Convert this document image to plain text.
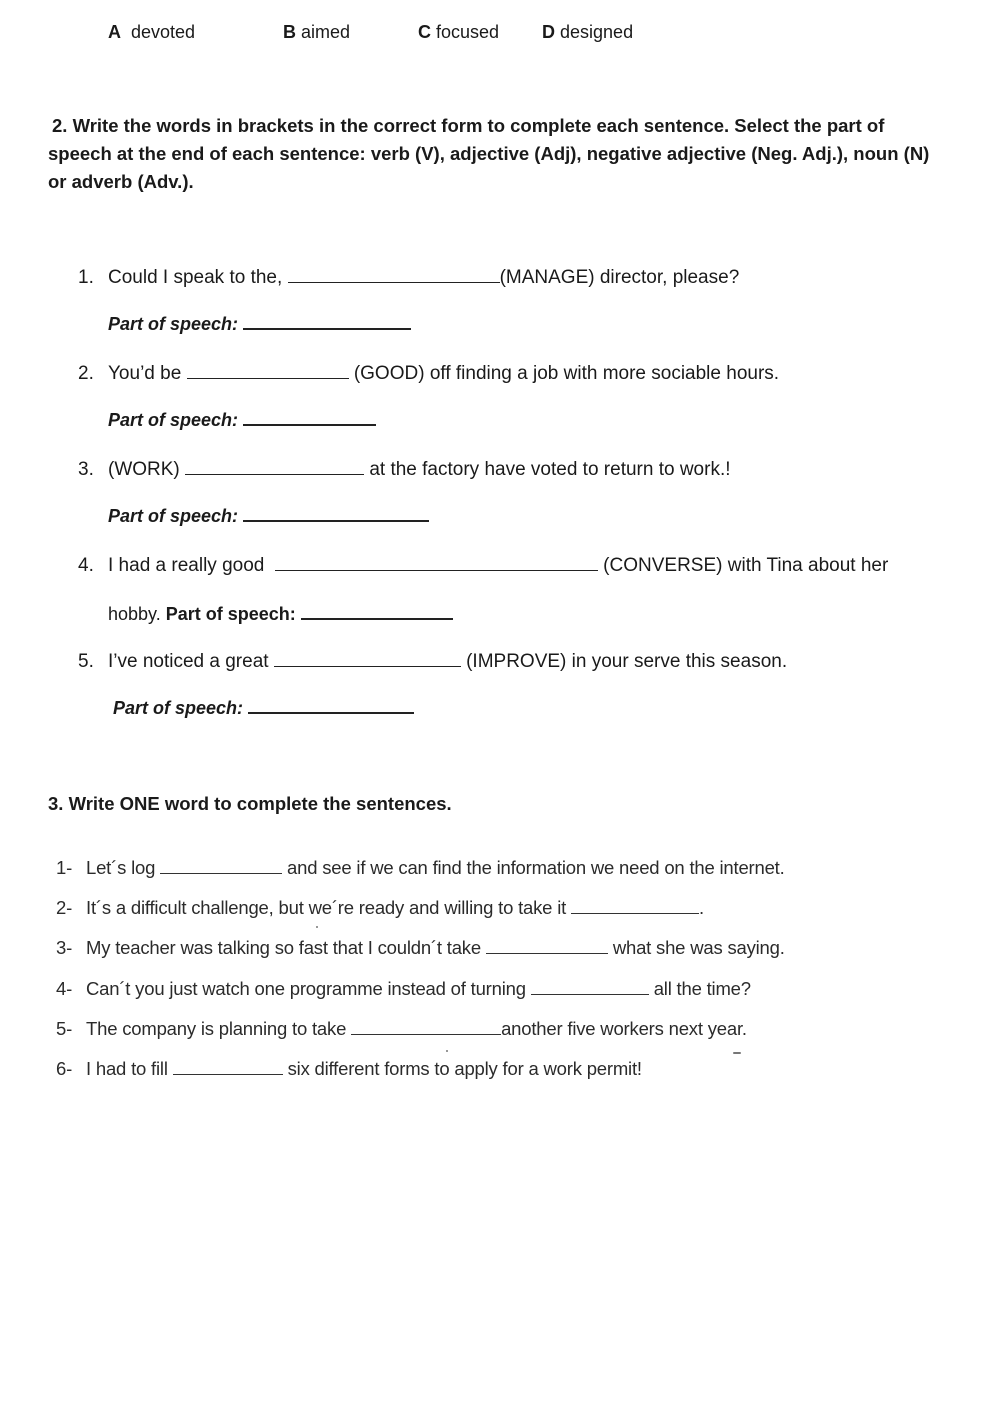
A devoted	B aimed	C focused D designed
2. Write the words in brackets in the correct form to complete each sentence. Select the part of speech at the end of each sentence: verb (V), adjective (Adj), negative adjective (Neg. Adj.), noun (N) or adverb (Adv.).
1. Could I speak to the,	(MANAGE) director, please?
Part of speech:
2. You’d be	(GOOD) off finding a job with more sociable hours.
Part of speech:
3. (WORK)	at the factory have voted to return to work.!
Part of speech:
4. I had a really good	(CONVERSE) with Tina about her
hobby. Part of speech:
5. I’ve noticed a great	(IMPROVE) in your serve this season.
Part of speech:
3. Write ONE word to complete the sentences.
1- Let´s log	and see if we can find the information we need on the internet.
2- It´s a difficult challenge, but we´re ready and willing to take it	.
3- My teacher was talking so fast that I couldn´t take	what she was saying.
4- Can´t you just watch one programme instead of turning	all the time?
5- The company is planning to take	another five workers next year.
6- I had to fill	six different forms to apply for a work permit!
